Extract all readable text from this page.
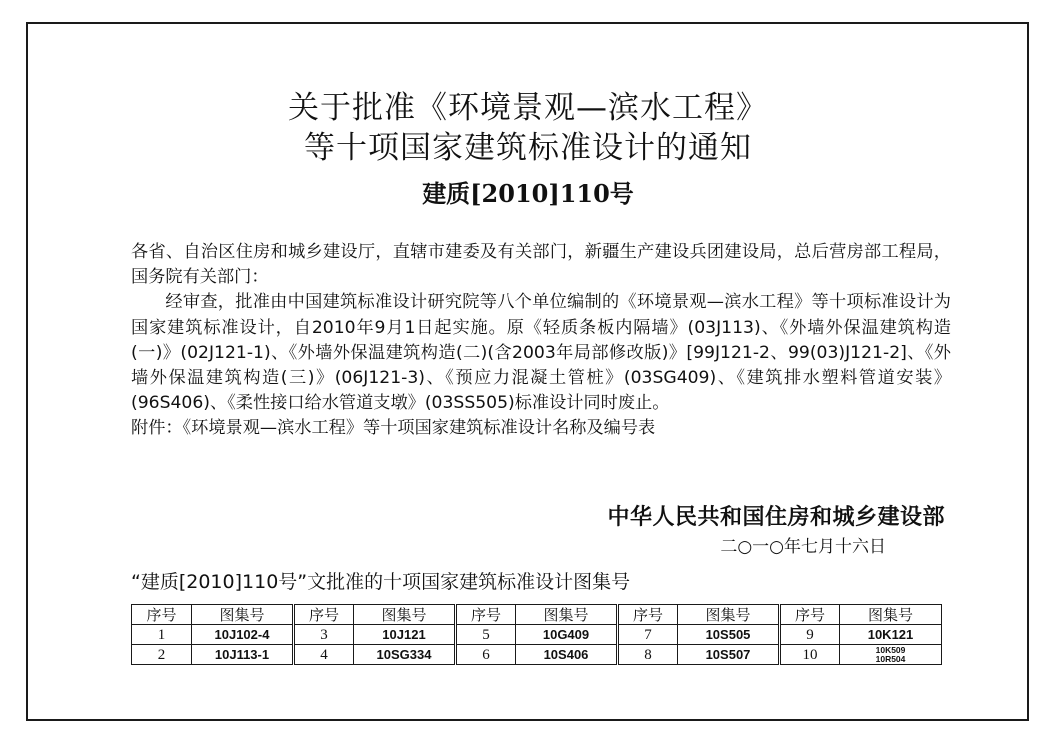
关于批准《环境景观—滨水工程》
等十项国家建筑标准设计的通知
建质[2010]110号

各省、自治区住房和城乡建设厅，直辖市建委及有关部门，新疆生产建设兵团建设局，总后营房部工程局，国务院有关部门：

经审查，批准由中国建筑标准设计研究院等八个单位编制的《环境景观—滨水工程》等十项标准设计为国家建筑标准设计，自2010年9月1日起实施。原《轻质条板内隔墙》(03J113)、《外墙外保温建筑构造(一)》(02J121-1)、《外墙外保温建筑构造(二)(含2003年局部修改版)》[99J121-2、99(03)J121-2]、《外墙外保温建筑构造(三)》(06J121-3)、《预应力混凝土管桩》(03SG409)、《建筑排水塑料管道安装》(96S406)、《柔性接口给水管道支墩》(03SS505)标准设计同时废止。

附件：《环境景观—滨水工程》等十项国家建筑标准设计名称及编号表

中华人民共和国住房和城乡建设部
二○一○年七月十六日
“建质[2010]110号”文批准的十项国家建筑标准设计图集号
序号	图集号	序号	图集号	序号	图集号	序号	图集号	序号	图集号
1	10J102-4	3	10J121	5	10G409	7	10S505	9	10K121
2	10J113-1	4	10SG334	6	10S406	8	10S507	10	10K509
10R504
